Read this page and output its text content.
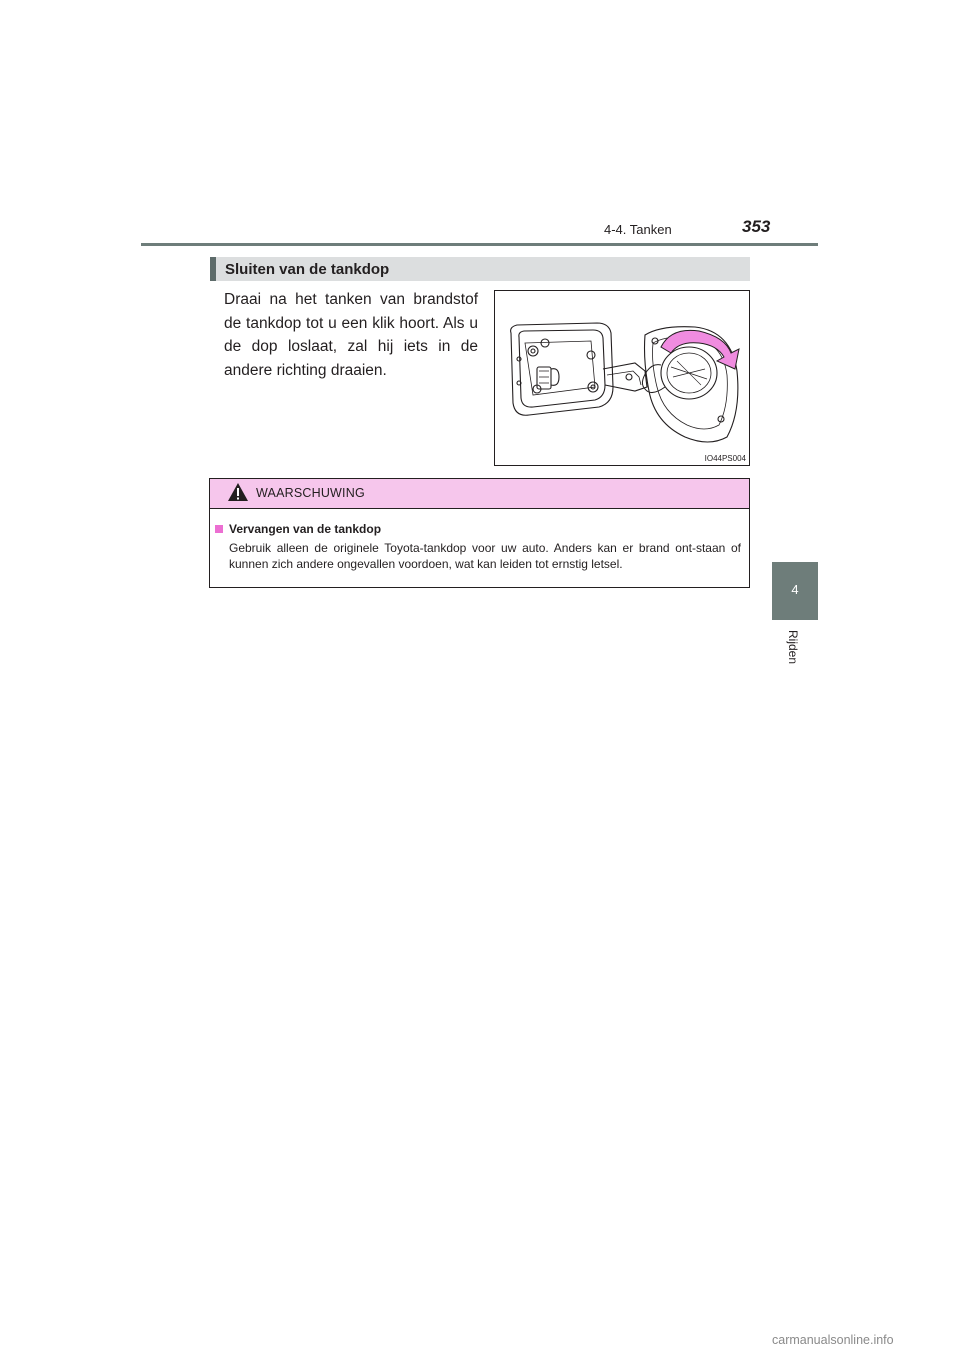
4-4. Tanken	353
4
Rijden
Sluiten van de tankdop
Draai na het tanken van brandstof de tankdop tot u een klik hoort. Als u de dop loslaat, zal hij iets in de andere richting draaien.
IO44PS004
WAARSCHUWING
Vervangen van de tankdop
Gebruik alleen de originele Toyota-tankdop voor uw auto. Anders kan er brand ont-staan of kunnen zich andere ongevallen voordoen, wat kan leiden tot ernstig letsel.
carmanualsonline.info
